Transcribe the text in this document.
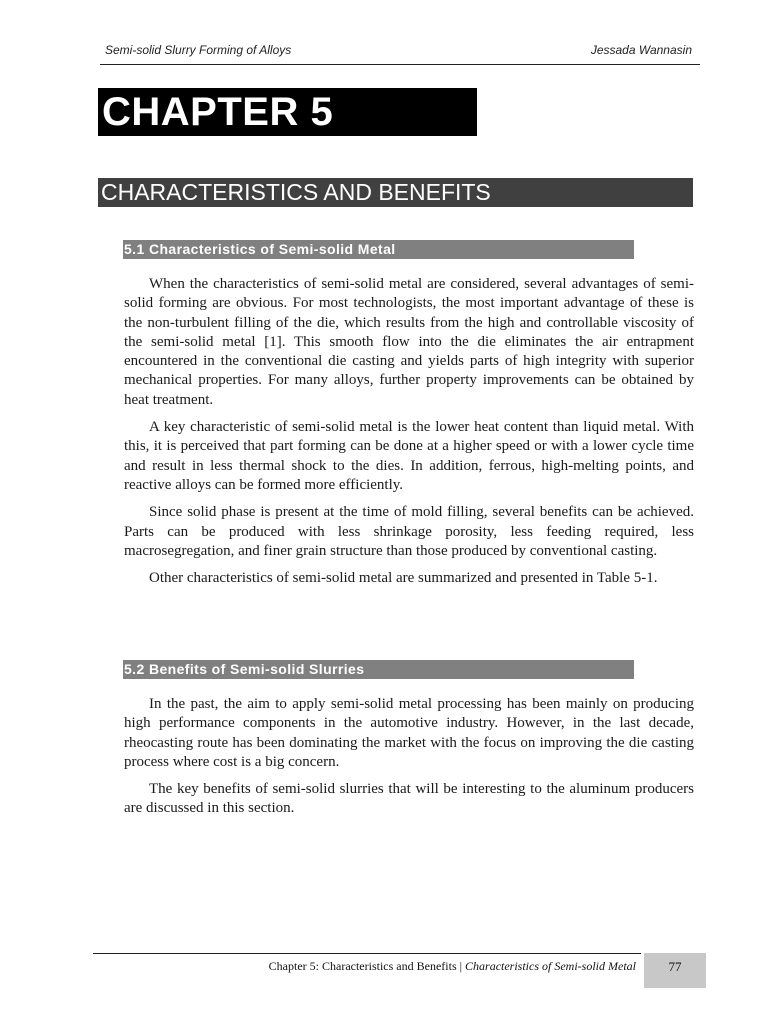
Semi-solid Slurry Forming of Alloys	Jessada Wannasin
CHAPTER 5
CHARACTERISTICS AND BENEFITS
5.1 Characteristics of Semi-solid Metal

When the characteristics of semi-solid metal are considered, several advantages of semi-solid forming are obvious. For most technologists, the most important advantage of these is the non-turbulent filling of the die, which results from the high and controllable viscosity of the semi-solid metal [1]. This smooth flow into the die eliminates the air entrapment encountered in the conventional die casting and yields parts of high integrity with superior mechanical properties. For many alloys, further property improvements can be obtained by heat treatment.

A key characteristic of semi-solid metal is the lower heat content than liquid metal. With this, it is perceived that part forming can be done at a higher speed or with a lower cycle time and result in less thermal shock to the dies. In addition, ferrous, high-melting points, and reactive alloys can be formed more efficiently.

Since solid phase is present at the time of mold filling, several benefits can be achieved. Parts can be produced with less shrinkage porosity, less feeding required, less macrosegregation, and finer grain structure than those produced by conventional casting.

Other characteristics of semi-solid metal are summarized and presented in Table 5-1.

5.2 Benefits of Semi-solid Slurries

In the past, the aim to apply semi-solid metal processing has been mainly on producing high performance components in the automotive industry. However, in the last decade, rheocasting route has been dominating the market with the focus on improving the die casting process where cost is a big concern.

The key benefits of semi-solid slurries that will be interesting to the aluminum producers are discussed in this section.

Chapter 5: Characteristics and Benefits | Characteristics of Semi-solid Metal	77
